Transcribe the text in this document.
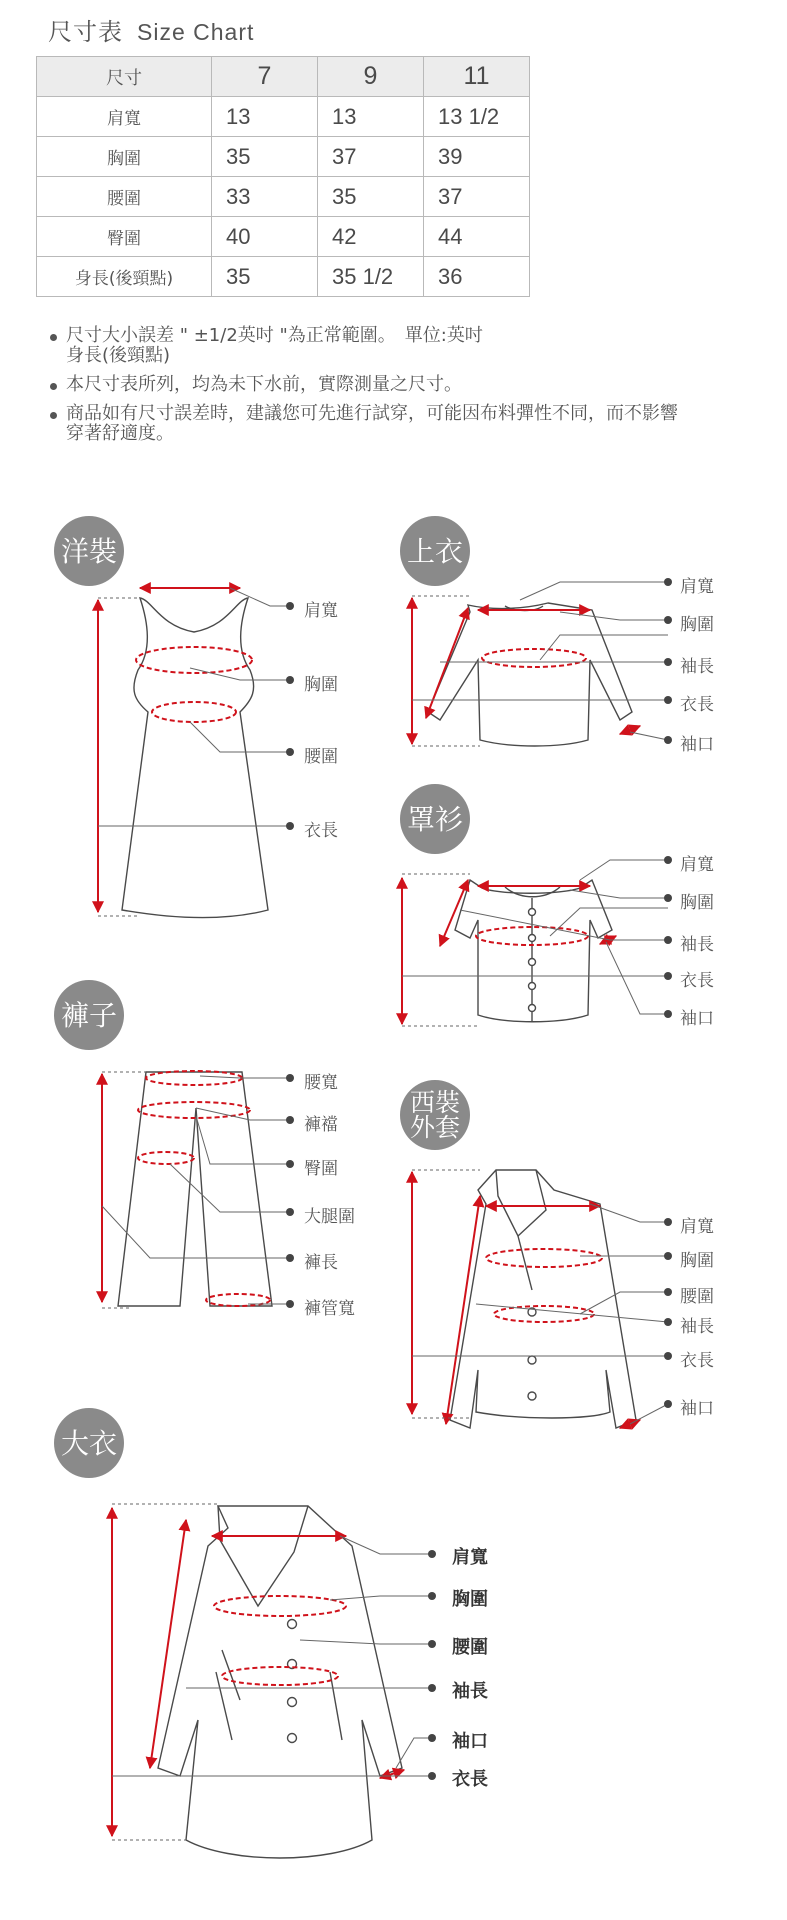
尺寸表 Size Chart
尺寸	7	9	11
肩寬	13	13	13 1/2
胸圍	35	37	39
腰圍	33	35	37
臀圍	40	42	44
身長(後頸點)	35	35 1/2	36
尺寸大小誤差 " ±1/2英吋 "為正常範圍。　單位:英吋
身長(後頸點)
本尺寸表所列，均為未下水前，實際測量之尺寸。
商品如有尺寸誤差時，建議您可先進行試穿，可能因布料彈性不同，而不影響
穿著舒適度。
洋裝	上衣
罩衫
褲子
西裝
外套
大衣
肩寬
胸圍
腰圍
衣長
肩寬
胸圍
袖長
衣長
袖口
肩寬
胸圍
袖長
衣長
袖口
腰寬
褲襠
臀圍
大腿圍
褲長
褲管寬
肩寬
胸圍
腰圍
袖長
衣長
袖口
肩寬
胸圍
腰圍
袖長
袖口
衣長
